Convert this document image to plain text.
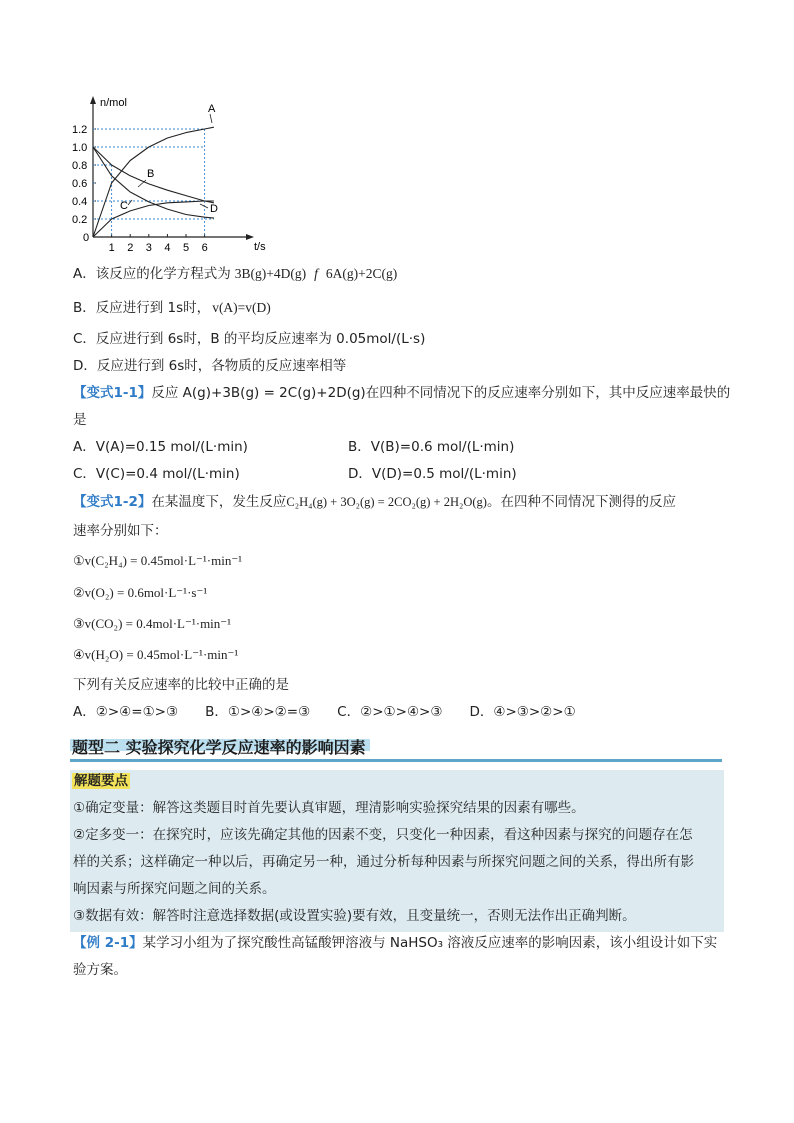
n/mol
t/s
1.2
1.0
0.8
0.6
0.4
0.2
0
1 2 3 4 5 6
A
B
C	D
A．该反应的化学方程式为 3B(g)+4D(g) f 6A(g)+2C(g)
B．反应进行到 1s时， v(A)=v(D)
C．反应进行到 6s时，B 的平均反应速率为 0.05mol/(L·s)
D．反应进行到 6s时，各物质的反应速率相等
【变式1-1】反应 A(g)+3B(g) = 2C(g)+2D(g)在四种不同情况下的反应速率分别如下，其中反应速率最快的
是
A．V(A)=0.15 mol/(L·min)	B．V(B)=0.6 mol/(L·min)
C．V(C)=0.4 mol/(L·min)	D．V(D)=0.5 mol/(L·min)
【变式1-2】在某温度下，发生反应C₂H₄(g) + 3O₂(g) = 2CO₂(g) + 2H₂O(g)。在四种不同情况下测得的反应
速率分别如下：
①v(C₂H₄) = 0.45mol·L⁻¹·min⁻¹
②v(O₂) = 0.6mol·L⁻¹·s⁻¹
③v(CO₂) = 0.4mol·L⁻¹·min⁻¹
④v(H₂O) = 0.45mol·L⁻¹·min⁻¹
下列有关反应速率的比较中正确的是
A．②>④=①>③　　B．①>④>②=③　　C．②>①>④>③　　D．④>③>②>①
题型二 实验探究化学反应速率的影响因素
解题要点
①确定变量：解答这类题目时首先要认真审题，理清影响实验探究结果的因素有哪些。
②定多变一：在探究时，应该先确定其他的因素不变，只变化一种因素，看这种因素与探究的问题存在怎
样的关系；这样确定一种以后，再确定另一种，通过分析每种因素与所探究问题之间的关系，得出所有影
响因素与所探究问题之间的关系。
③数据有效：解答时注意选择数据(或设置实验)要有效，且变量统一，否则无法作出正确判断。
【例 2-1】某学习小组为了探究酸性高锰酸钾溶液与 NaHSO₃ 溶液反应速率的影响因素，该小组设计如下实
验方案。
